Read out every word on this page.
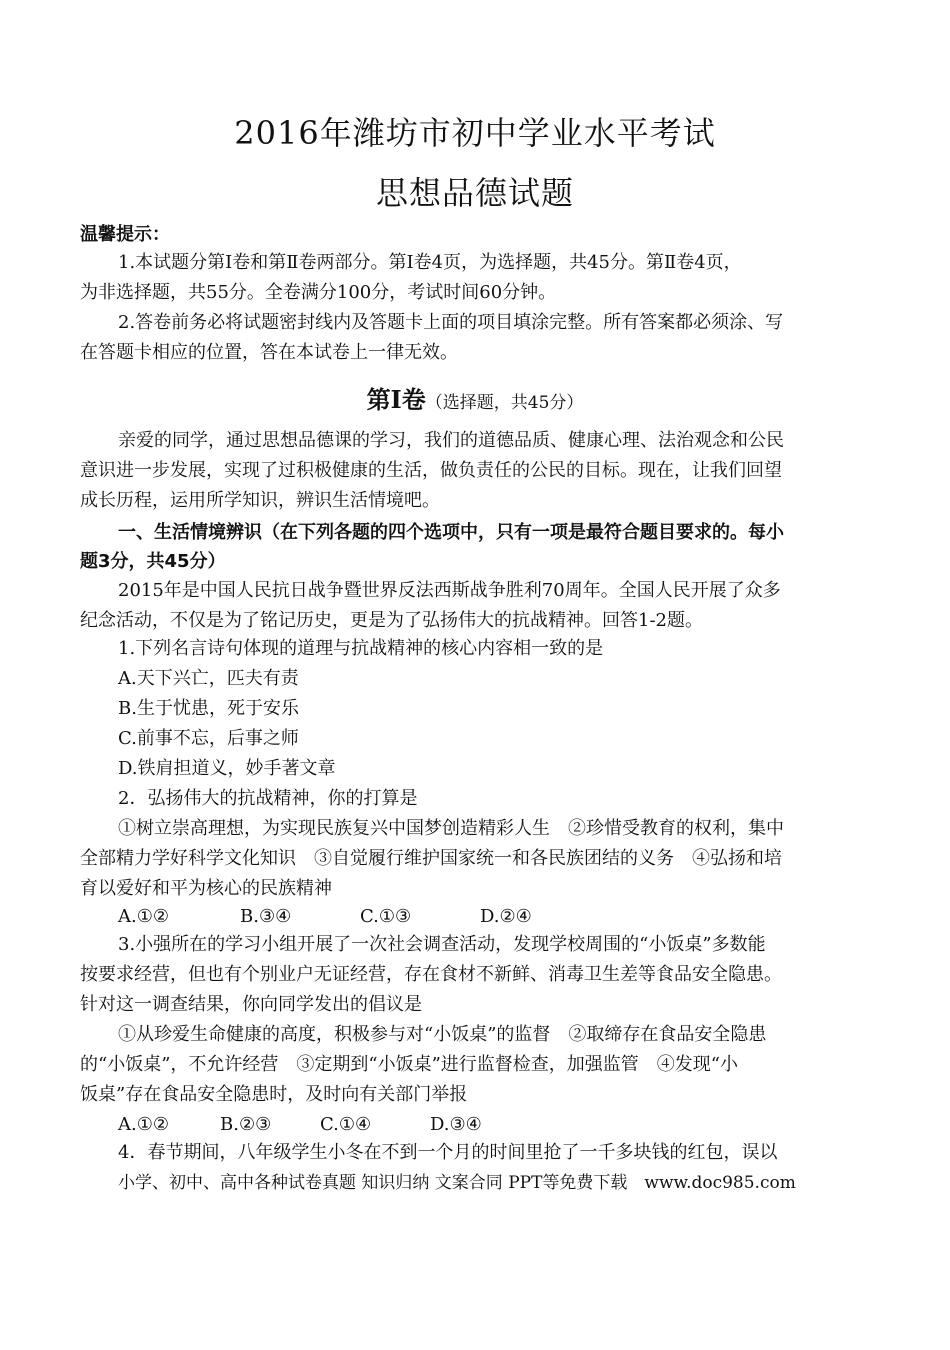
2016年潍坊市初中学业水平考试
思想品德试题
温馨提示：
1.本试题分第Ⅰ卷和第Ⅱ卷两部分。第Ⅰ卷4页，为选择题，共45分。第Ⅱ卷4页，
为非选择题，共55分。全卷满分100分，考试时间60分钟。
2.答卷前务必将试题密封线内及答题卡上面的项目填涂完整。所有答案都必须涂、写
在答题卡相应的位置，答在本试卷上一律无效。
第Ⅰ卷（选择题，共45分）
亲爱的同学，通过思想品德课的学习，我们的道德品质、健康心理、法治观念和公民
意识进一步发展，实现了过积极健康的生活，做负责任的公民的目标。现在，让我们回望
成长历程，运用所学知识，辨识生活情境吧。
一、生活情境辨识（在下列各题的四个选项中，只有一项是最符合题目要求的。每小
题3分，共45分）
2015年是中国人民抗日战争暨世界反法西斯战争胜利70周年。全国人民开展了众多
纪念活动，不仅是为了铭记历史，更是为了弘扬伟大的抗战精神。回答1-2题。
1.下列名言诗句体现的道理与抗战精神的核心内容相一致的是
A.天下兴亡，匹夫有责
B.生于忧患，死于安乐
C.前事不忘，后事之师
D.铁肩担道义，妙手著文章
2．弘扬伟大的抗战精神，你的打算是
①树立崇高理想，为实现民族复兴中国梦创造精彩人生　②珍惜受教育的权利，集中
全部精力学好科学文化知识　③自觉履行维护国家统一和各民族团结的义务　④弘扬和培
育以爱好和平为核心的民族精神
A.①②	B.③④	C.①③	D.②④
3.小强所在的学习小组开展了一次社会调查活动，发现学校周围的“小饭桌”多数能
按要求经营，但也有个别业户无证经营，存在食材不新鲜、消毒卫生差等食品安全隐患。
针对这一调查结果，你向同学发出的倡议是
①从珍爱生命健康的高度，积极参与对“小饭桌”的监督　②取缔存在食品安全隐患
的“小饭桌”，不允许经营　③定期到“小饭桌”进行监督检查，加强监管　④发现“小
饭桌”存在食品安全隐患时，及时向有关部门举报
A.①②	B.②③	C.①④	D.③④
4．春节期间，八年级学生小冬在不到一个月的时间里抢了一千多块钱的红包，误以
小学、初中、高中各种试卷真题 知识归纳 文案合同 PPT等免费下载　www.doc985.com
